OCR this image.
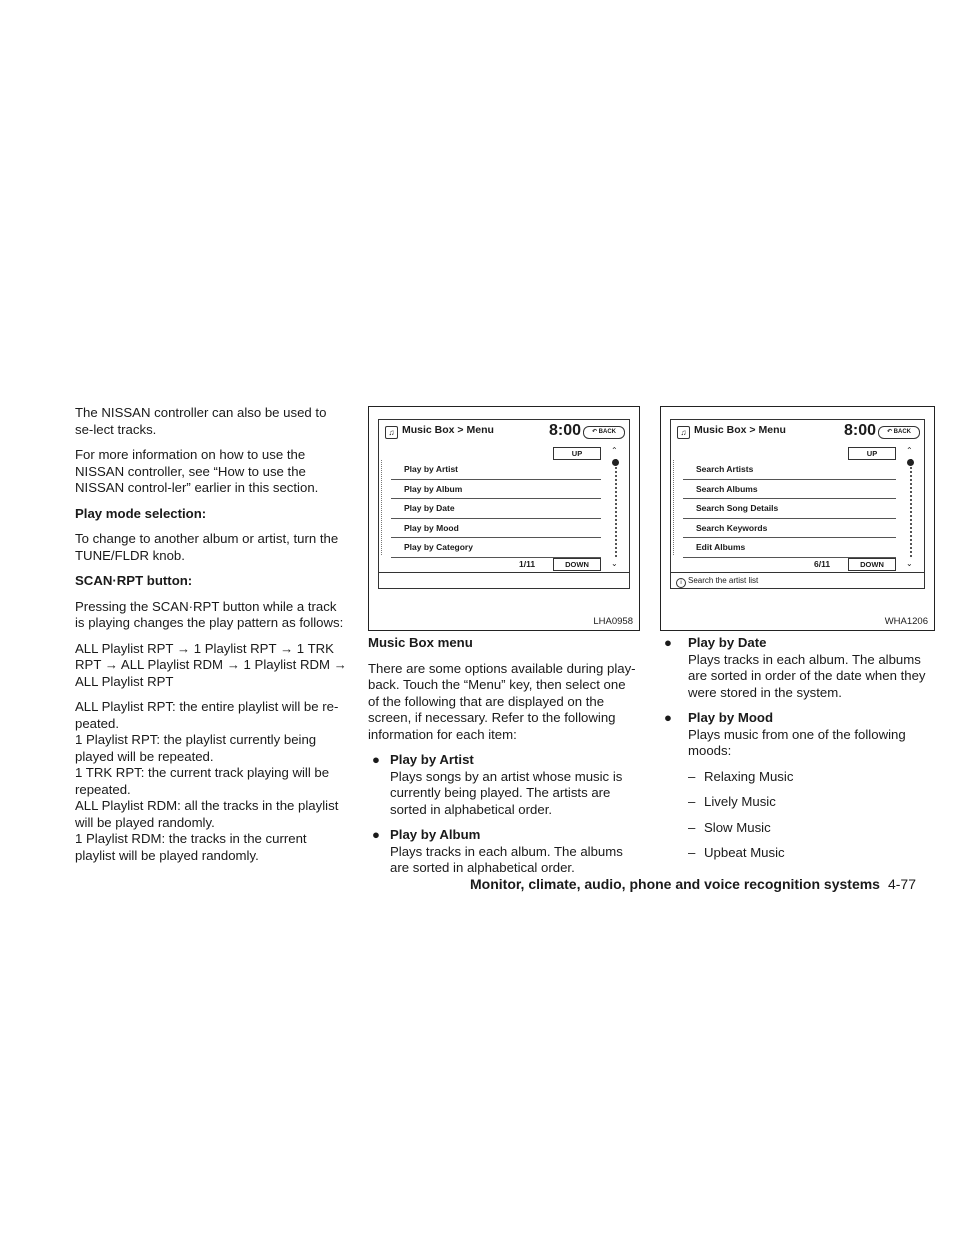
The NISSAN controller can also be used to se-lect tracks.

For more information on how to use the NISSAN controller, see “How to use the NISSAN control-ler” earlier in this section.

Play mode selection:

To change to another album or artist, turn the TUNE/FLDR knob.

SCAN·RPT button:

Pressing the SCAN·RPT button while a track is playing changes the play pattern as follows:

ALL Playlist RPT → 1 Playlist RPT → 1 TRK RPT → ALL Playlist RDM → 1 Playlist RDM → ALL Playlist RPT

ALL Playlist RPT: the entire playlist will be re-peated.

1 Playlist RPT: the playlist currently being played will be repeated.

1 TRK RPT: the current track playing will be repeated.

ALL Playlist RDM: all the tracks in the playlist will be played randomly.

1 Playlist RDM: the tracks in the current playlist will be played randomly.

♫ Music Box > Menu	8:00	↶ BACK
UP
Play by Artist
Play by Album
Play by Date
Play by Mood
Play by Category
⌃
⌄
1/11	DOWN
LHA0958
♫ Music Box > Menu	8:00	↶ BACK
UP
Search Artists
Search Albums
Search Song Details
Search Keywords
Edit Albums
⌃
⌄
6/11	DOWN
i Search the artist list
WHA1206

Music Box menu

There are some options available during play-back. Touch the “Menu” key, then select one of the following that are displayed on the screen, if necessary. Refer to the following information for each item:

● Play by Artist
Plays songs by an artist whose music is currently being played. The artists are sorted in alphabetical order.
● Play by Album
Plays tracks in each album. The albums are sorted in alphabetical order.
● Play by Date
Plays tracks in each album. The albums are sorted in order of the date when they were stored in the system.
● Play by Mood
Plays music from one of the following moods:

– Relaxing Music

– Lively Music

– Slow Music

– Upbeat Music

Monitor, climate, audio, phone and voice recognition systems 4-77
